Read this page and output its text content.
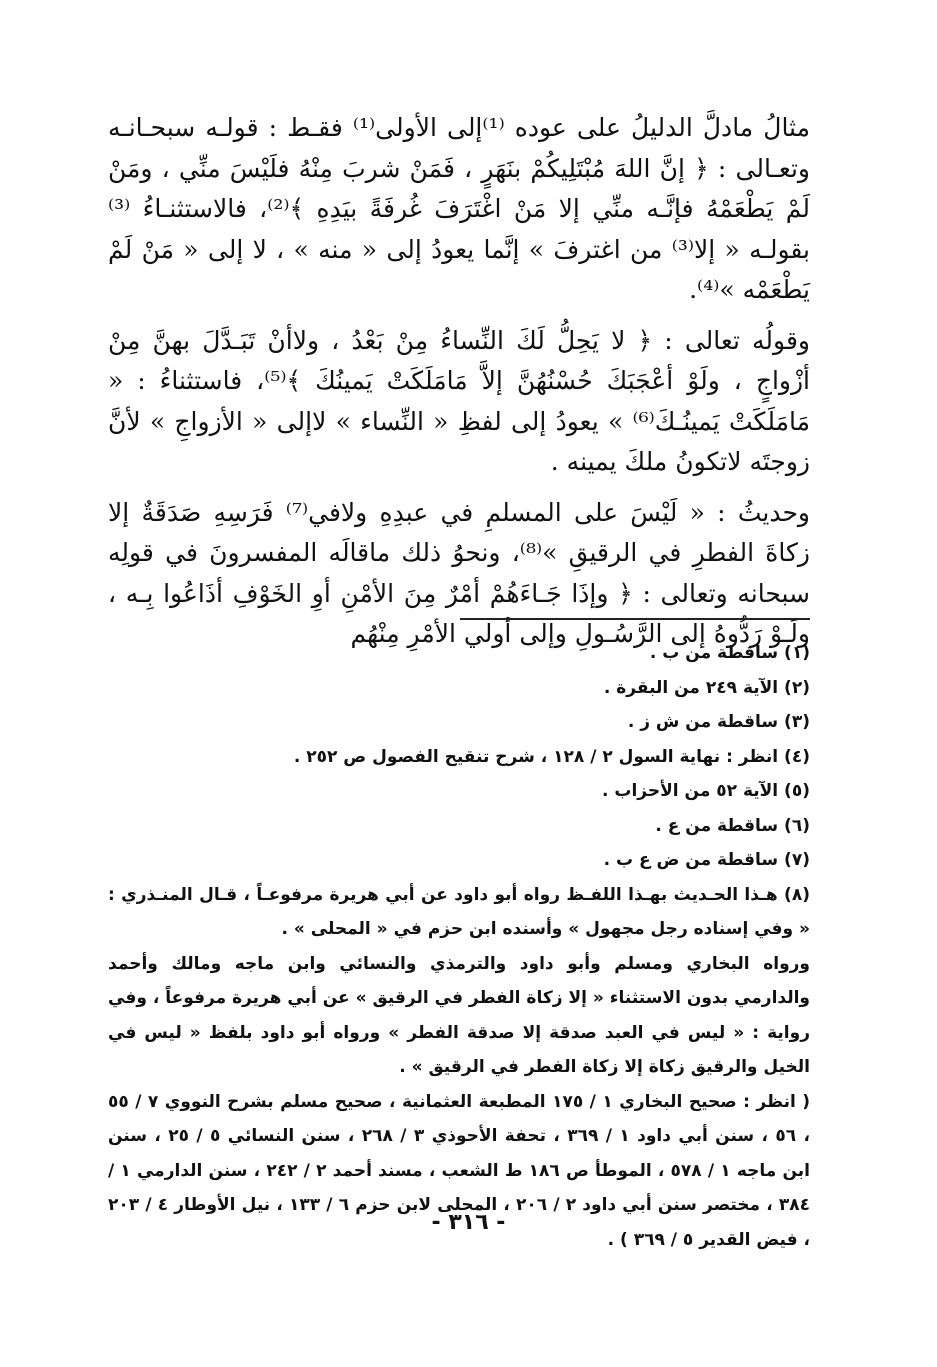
مثالُ مادلَّ الدليلُ على عوده ⁽¹⁾إلى الأولى⁽¹⁾ فقـط : قولـه سبحـانـه وتعـالى : ﴿ إنَّ اللهَ مُبْتَلِيكُمْ بنَهَرٍ ، فَمَنْ شربَ مِنْهُ فلَيْسَ منِّي ، ومَنْ لَمْ يَطْعَمْهُ فإنَّـه منِّي إلا مَنْ اغْتَرَفَ غُرفَةً بيَدِهِ ﴾⁽²⁾، فالاستثنـاءُ ⁽³⁾بقولـه « إلا⁽³⁾ من اغترفَ » إنَّما يعودُ إلى « منه » ، لا إلى « مَنْ لَمْ يَطْعَمْه »⁽⁴⁾.

وقولُه تعالى : ﴿ لا يَحِلُّ لَكَ النِّساءُ مِنْ بَعْدُ ، ولاأنْ تَبَـدَّلَ بهنَّ مِنْ أزْواجٍ ، ولَوْ أعْجَبَكَ حُسْنُهُنَّ إلاَّ مَامَلَكَتْ يَمينُكَ ﴾⁽⁵⁾، فاستثناءُ : « مَامَلَكَتْ يَمينُـكَ⁽⁶⁾ » يعودُ إلى لفظِ « النِّساء » لاإلى « الأزواجِ » لأنَّ زوجتَه لاتكونُ ملكَ يمينه .

وحديثُ : « لَيْسَ على المسلمِ في عبدِهِ ولافي⁽⁷⁾ فَرَسِهِ صَدَقَةٌ إلا زكاةَ الفطرِ في الرقيقِ »⁽⁸⁾، ونحوُ ذلك ماقالَه المفسرونَ في قولِه سبحانه وتعالى : ﴿ وإذَا جَـاءَهُمْ أمْرٌ مِنَ الأمْنِ أوِ الخَوْفِ أذَاعُوا بِـه ، ولَـوْ رَدُّوهُ إلى الرَّسُـولِ وإلى أولي الأمْرِ مِنْهُم

(١) ساقطة من ب .

(٢) الآية ٢٤٩ من البقرة .

(٣) ساقطة من ش ز .

(٤) انظر : نهاية السول ٢ / ١٢٨ ، شرح تنقيح الفصول ص ٢٥٢ .

(٥) الآية ٥٢ من الأحزاب .

(٦) ساقطة من ع .

(٧) ساقطة من ض ع ب .

(٨) هـذا الحـديث بهـذا اللفـظ رواه أبو داود عن أبي هريرة مرفوعـاً ، قـال المنـذري : « وفي إسناده رجل مجهول » وأسنده ابن حزم في « المحلى » .

ورواه البخاري ومسلم وأبو داود والترمذي والنسائي وابن ماجه ومالك وأحمد والدارمي بدون الاستثناء « إلا زكاة الفطر في الرقيق » عن أبي هريرة مرفوعاً ، وفي رواية : « ليس في العبد صدقة إلا صدقة الفطر » ورواه أبو داود بلفظ « ليس في الخيل والرقيق زكاة إلا زكاة الفطر في الرقيق » .

( انظر : صحيح البخاري ١ / ١٧٥ المطبعة العثمانية ، صحيح مسلم بشرح النووي ٧ / ٥٥ ، ٥٦ ، سنن أبي داود ١ / ٣٦٩ ، تحفة الأحوذي ٣ / ٢٦٨ ، سنن النسائي ٥ / ٢٥ ، سنن ابن ماجه ١ / ٥٧٨ ، الموطأ ص ١٨٦ ط الشعب ، مسند أحمد ٢ / ٢٤٢ ، سنن الدارمي ١ / ٣٨٤ ، مختصر سنن أبي داود ٢ / ٢٠٦ ، المحلى لابن حزم ٦ / ١٣٣ ، نيل الأوطار ٤ / ٢٠٣ ، فيض القدير ٥ / ٣٦٩ ) .

- ٣١٦ -
